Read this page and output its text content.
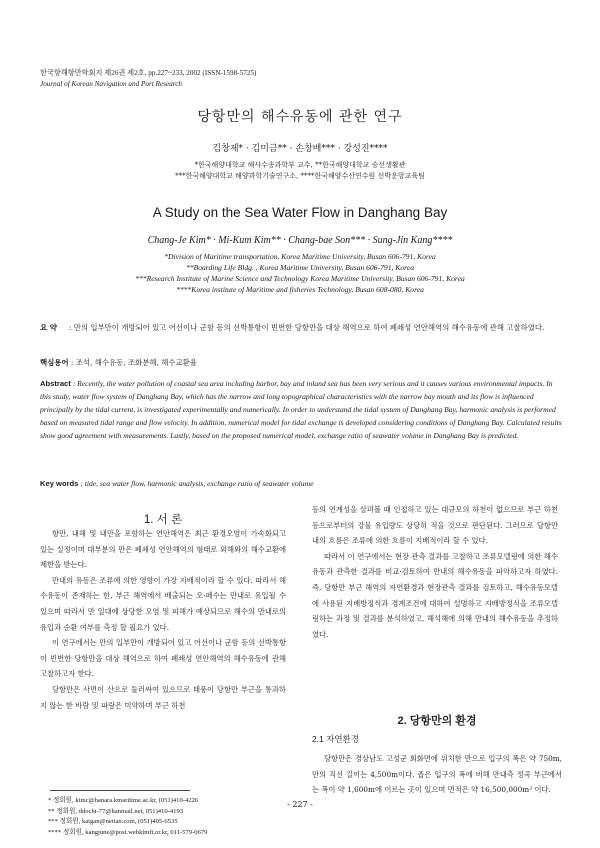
한국항해항만학회지 제26권 제2호, pp.227~233, 2002 (ISSN-1598-5725)
Journal of Korean Navigation and Port Research
당항만의 해수유동에 관한 연구
김창제* · 김미금** · 손창배*** · 강성진****
*한국해양대학교 해사수송과학부 교수, **한국해양대학교 승선생활관
***한국해양대학교 해양과학기술연구소, ****한국해양수산연수원 선박운항교육팀
A Study on the Sea Water Flow in Danghang Bay
Chang-Je Kim* · Mi-Kum Kim** · Chang-bae Son*** · Sung-Jin Kang****
*Division of Maritime transportation, Korea Maritime University, Busan 606-791, Korea
**Boarding Life Bldg. , Korea Maritime University, Busan 606-791, Korea
***Research Institute of Marine Science and Technology Korea Maritime University, Busan 606-791, Korea
****Korea institute of Maritime and fisheries Technology, Busan 608-080, Korea
요 약 : 만의 입부만이 개방되어 있고 어선이나 군함 등의 선박통항이 빈번한 당항만을 대상 해역으로 하여 폐쇄성 연안해역의 해수유동에 관해 고찰하였다.
핵심용어 : 조석, 해수유동, 조화분해, 해수교환율
Abstract : Recently, the water pollution of coastal sea area including harbor, bay and inland sea has been very serious and it causes various environmental impacts. In this study, water flow system of Danghang Bay, which has the narrow and long topographical characteristics with the narrow bay mouth and its flow is influenced principally by the tidal current, is investigated experimentally and numerically. In order to understand the tidal system of Danghang Bay, harmonic analysis is performed based on measured tidal range and flow velocity. In addition, numerical model for tidal exchange is developed considering conditions of Danghang Bay. Calculated results show good agreement with measurements. Lastly, based on the proposed numerical model, exchange ratio of seawater volume in Danghang Bay is predicted.
Key words : tide, sea water flow, harmonic analysis, exchange ratio of seawater volume
1. 서 론

항만, 내해 및 내만을 포함하는 연안해역은 최근 환경오염이 가속화되고 있는 실정이며 대부분의 만은 폐쇄성 연안해역의 형태로 외해와의 해수교환에 제한을 받는다.

만내의 유동은 조류에 의한 영향이 가장 지배적이라 할 수 있다. 따라서 해수유동이 존재하는 한, 부근 해역에서 배출되는 오·폐수는 만내로 유입될 수 있으며 따라서 만 일대에 상당한 오염 및 피해가 예상되므로 해수의 만내로의 유입과 순환 여부를 측정 할 필요가 있다.

이 연구에서는 만의 입부만이 개방되어 있고 어선이나 군함 등의 선박통항이 빈번한 당항만을 대상 해역으로 하여 폐쇄성 연안해역의 해수유동에 관해 고찰하고자 한다.

당항만은 사면이 산으로 둘러싸여 있으므로 태풍이 당항만 부근을 통과하지 않는 한 바람 및 파랑은 미약하며 부근 하천

등의 연계성을 살펴볼 때 인접하고 있는 대규모의 하천이 없으므로 부근 하천 등으로부터의 강물 유입량도 상당히 적을 것으로 판단된다. 그러므로 당항만 내의 흐름은 조류에 의한 흐름이 지배적이라 할 수 있다.

따라서 이 연구에서는 현장 관측 결과를 고찰하고 조류모델링에 의한 해수유동과 관측한 결과를 비교·검토하여 만내의 해수유동을 파악하고자 하였다. 즉, 당항만 부근 해역의 자연환경과 현장관측 결과를 검토하고, 해수유동모델에 사용된 지배방정식과 경계조건에 대하여 설명하고 지배방정식을 조류모델링하는 과정 및 결과를 분석하였고, 해석해에 의해 만내의 해수유동을 추정하였다.

2. 당항만의 환경
2.1 자연환경

당항만은 경상남도 고성군 회화면에 위치한 만으로 입구의 폭은 약 750m, 만의 직선 길이는 4,500m이다. 좁은 입구의 폭에 비해 만내측 정곡 부근에서는 폭이 약 1,600m에 이르는 곳이 있으며 면적은 약 16,500,000m² 이다.

* 정회원, kimc@hanara.kmaritime.ac.kr, (051)410-4226
** 정회원, ddochi-77@hanmail.net, 051)410-4193
*** 정회원, kaigan@netian.com, (051)405-6535
**** 정회원, kangjune@post.webkimft.or.kr, 011-579-0679
- 227 -
